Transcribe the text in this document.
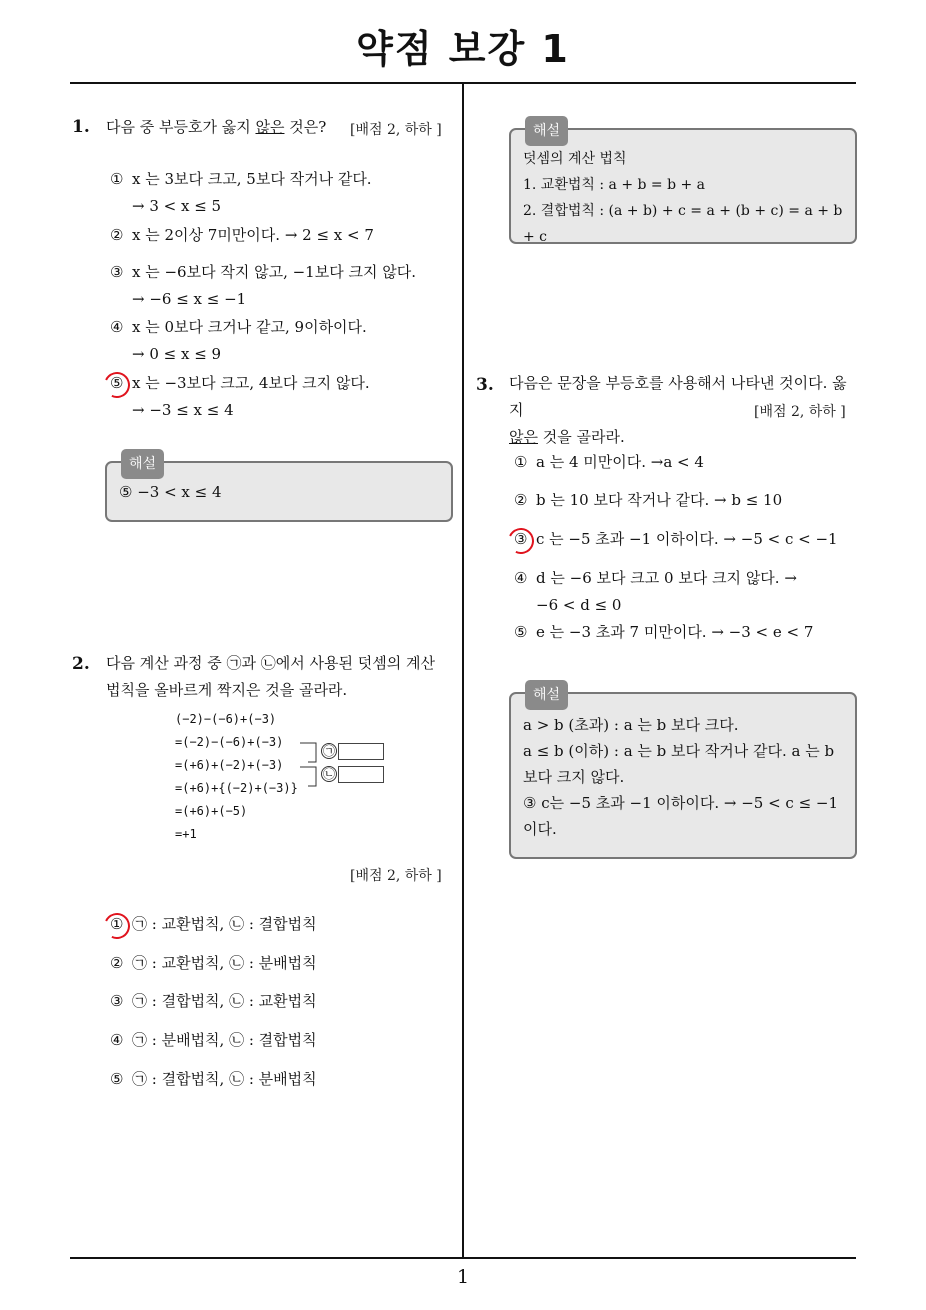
약점 보강 1
1
1. 다음 중 부등호가 옳지 않은 것은? [배점 2, 하하 ]
① x 는 3보다 크고, 5보다 작거나 같다.
→ 3 < x ≤ 5
② x 는 2이상 7미만이다. → 2 ≤ x < 7
③ x 는 −6보다 작지 않고, −1보다 크지 않다.
→ −6 ≤ x ≤ −1
④ x 는 0보다 크거나 같고, 9이하이다.
→ 0 ≤ x ≤ 9
⑤ x 는 −3보다 크고, 4보다 크지 않다.
→ −3 ≤ x ≤ 4
해설
⑤ −3 < x ≤ 4
2. 다음 계산 과정 중 ㉠과 ㉡에서 사용된 덧셈의 계산
법칙을 올바르게 짝지은 것을 골라라.
(−2)−(−6)+(−3)
=(−2)−(−6)+(−3)
=(+6)+(−2)+(−3)
=(+6)+{(−2)+(−3)}
=(+6)+(−5)
=+1
㉠
㉡
[배점 2, 하하 ]
① ㉠ : 교환법칙, ㉡ : 결합법칙
② ㉠ : 교환법칙, ㉡ : 분배법칙
③ ㉠ : 결합법칙, ㉡ : 교환법칙
④ ㉠ : 분배법칙, ㉡ : 결합법칙
⑤ ㉠ : 결합법칙, ㉡ : 분배법칙
해설
덧셈의 계산 법칙
1. 교환법칙 : a + b = b + a
2. 결합법칙 : (a + b) + c = a + (b + c) = a + b + c
3. 다음은 문장을 부등호를 사용해서 나타낸 것이다. 옳지
않은 것을 골라라.
[배점 2, 하하 ]
① a 는 4 미만이다. →a < 4
② b 는 10 보다 작거나 같다. → b ≤ 10
③ c 는 −5 초과 −1 이하이다. → −5 < c < −1
④ d 는 −6 보다 크고 0 보다 크지 않다. →
−6 < d ≤ 0
⑤ e 는 −3 초과 7 미만이다. → −3 < e < 7
해설
a > b (초과) : a 는 b 보다 크다.
a ≤ b (이하) : a 는 b 보다 작거나 같다. a 는 b
보다 크지 않다.
③ c는 −5 초과 −1 이하이다. → −5 < c ≤ −1
이다.
